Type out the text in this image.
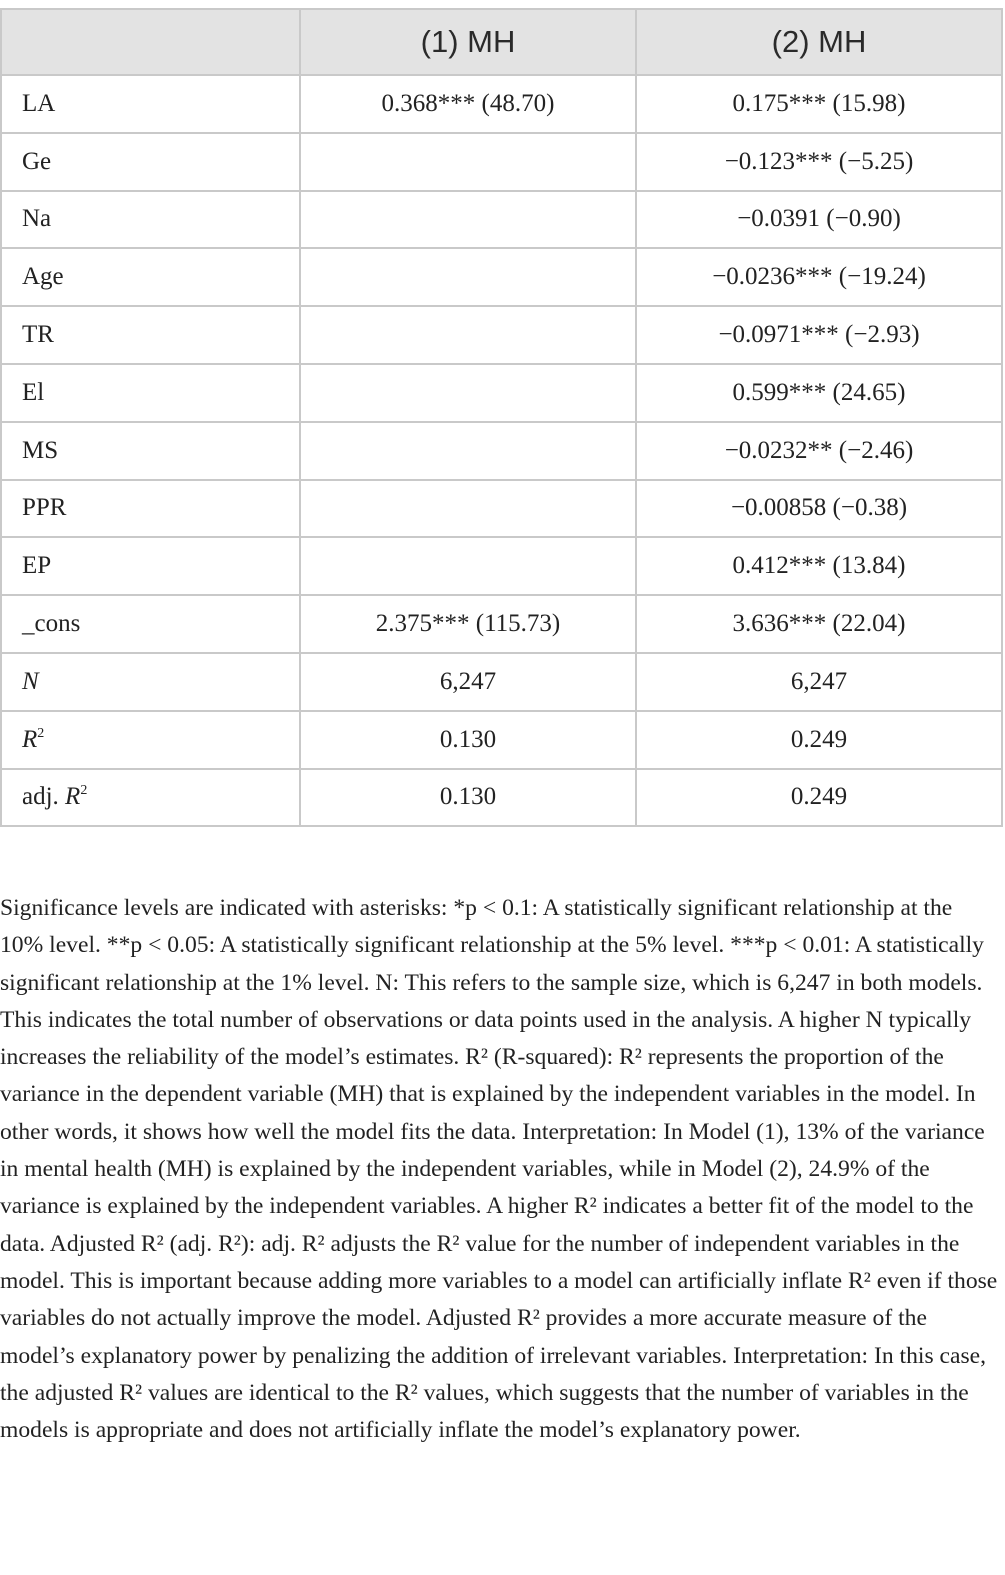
	(1) MH	(2) MH
LA	0.368*** (48.70)	0.175*** (15.98)
Ge		−0.123*** (−5.25)
Na		−0.0391 (−0.90)
Age		−0.0236*** (−19.24)
TR		−0.0971*** (−2.93)
El		0.599*** (24.65)
MS		−0.0232** (−2.46)
PPR		−0.00858 (−0.38)
EP		0.412*** (13.84)
_cons	2.375*** (115.73)	3.636*** (22.04)
N	6,247	6,247
$R^2$	0.130	0.249
adj. $R^2$	0.130	0.249

Significance levels are indicated with asterisks: *p < 0.1: A statistically significant relationship at the 10% level. **p < 0.05: A statistically significant relationship at the 5% level. ***p < 0.01: A statistically significant relationship at the 1% level. N: This refers to the sample size, which is 6,247 in both models. This indicates the total number of observations or data points used in the analysis. A higher N typically increases the reliability of the model’s estimates. R² (R-squared): R² represents the proportion of the variance in the dependent variable (MH) that is explained by the independent variables in the model. In other words, it shows how well the model fits the data. Interpretation: In Model (1), 13% of the variance in mental health (MH) is explained by the independent variables, while in Model (2), 24.9% of the variance is explained by the independent variables. A higher R² indicates a better fit of the model to the data. Adjusted R² (adj. R²): adj. R² adjusts the R² value for the number of independent variables in the model. This is important because adding more variables to a model can artificially inflate R² even if those variables do not actually improve the model. Adjusted R² provides a more accurate measure of the model’s explanatory power by penalizing the addition of irrelevant variables. Interpretation: In this case, the adjusted R² values are identical to the R² values, which suggests that the number of variables in the models is appropriate and does not artificially inflate the model’s explanatory power.
